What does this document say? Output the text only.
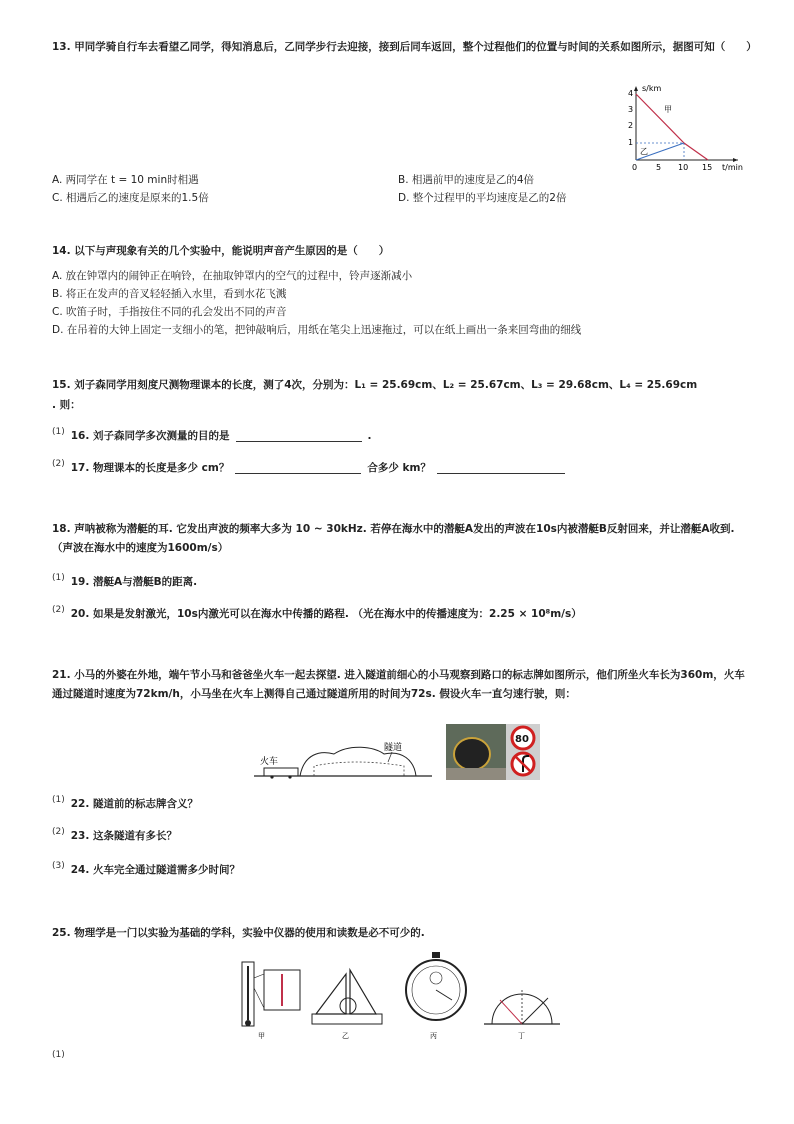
13. 甲同学骑自行车去看望乙同学，得知消息后，乙同学步行去迎接，接到后同车返回，整个过程他们的位置与时间的关系如图所示，据图可知（　　）
s/km
t/min
0 5 10 15
1
2
3
4
甲
乙
A. 两同学在 t = 10 min时相遇	B. 相遇前甲的速度是乙的4倍
C. 相遇后乙的速度是原来的1.5倍	D. 整个过程甲的平均速度是乙的2倍
14. 以下与声现象有关的几个实验中，能说明声音产生原因的是（　　）
A. 放在钟罩内的闹钟正在响铃，在抽取钟罩内的空气的过程中，铃声逐渐减小
B. 将正在发声的音叉轻轻插入水里，看到水花飞溅
C. 吹笛子时，手指按住不同的孔会发出不同的声音
D. 在吊着的大钟上固定一支细小的笔，把钟敲响后，用纸在笔尖上迅速拖过，可以在纸上画出一条来回弯曲的细线
15. 刘子森同学用刻度尺测物理课本的长度，测了4次，分别为：L₁ = 25.69cm、L₂ = 25.67cm、L₃ = 29.68cm、L₄ = 25.69cm
. 则：
(1) 16. 刘子森同学多次测量的目的是	.
(2) 17. 物理课本的长度是多少 cm？	合多少 km？
18. 声呐被称为潜艇的耳. 它发出声波的频率大多为 10 ~ 30kHz. 若停在海水中的潜艇A发出的声波在10s内被潜艇B反射回来，并让潜艇A收到. （声波在海水中的速度为1600m/s）
(1) 19. 潜艇A与潜艇B的距离.
(2) 20. 如果是发射激光，10s内激光可以在海水中传播的路程. （光在海水中的传播速度为：2.25 × 10⁸m/s）
21. 小马的外婆在外地，端午节小马和爸爸坐火车一起去探望. 进入隧道前细心的小马观察到路口的标志牌如图所示，他们所坐火车长为360m，火车通过隧道时速度为72km/h，小马坐在火车上测得自己通过隧道所用的时间为72s. 假设火车一直匀速行驶，则：
火车
隧道
80
(1) 22. 隧道前的标志牌含义？
(2) 23. 这条隧道有多长？
(3) 24. 火车完全通过隧道需多少时间？
25. 物理学是一门以实验为基础的学科，实验中仪器的使用和读数是必不可少的.
甲	乙	丙	丁
(1)
